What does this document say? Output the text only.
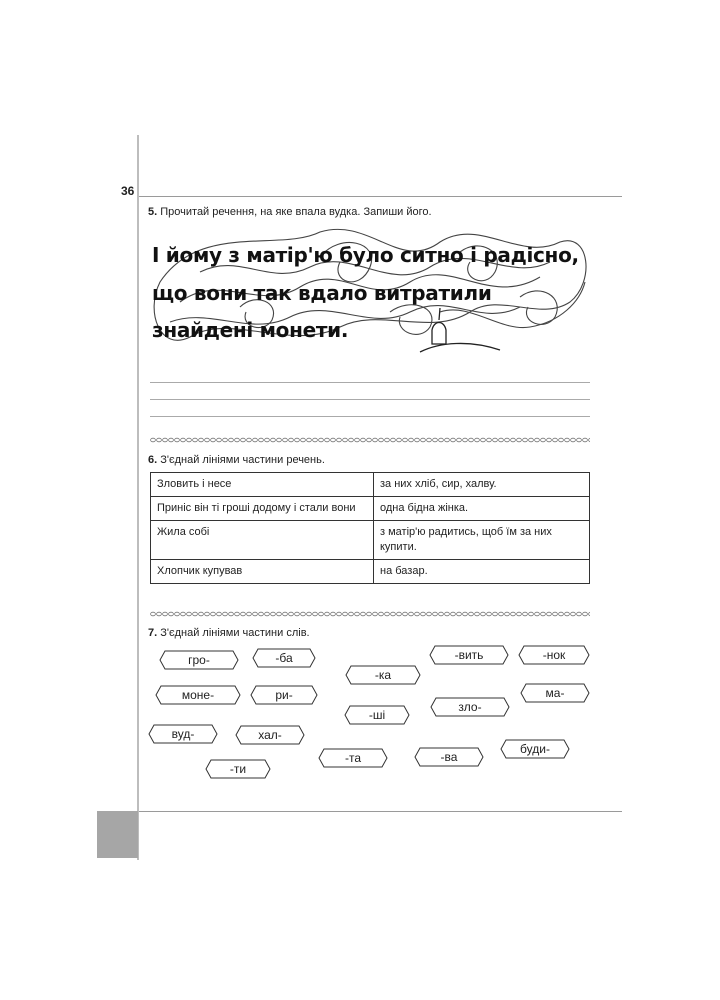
36
5. Прочитай речення, на яке впала вудка. Запиши його.
І йому з матір'ю було ситно і радісно,
що вони так вдало витратили
знайдені монети.
6. З'єднай лініями частини речень.
Зловить і несе	за них хліб, сир, халву.
Приніс він ті гроші додому і стали вони	одна бідна жінка.
Жила собі	з матір'ю радитись, щоб їм за них купити.
Хлопчик купував	на базар.
7. З'єднай лініями частини слів.
гро-	-ба
-ка
-вить	-нок
моне-	ри-	ма-
-ші
зло-
вуд-	хал-
-та	-ва
буди-
-ти
